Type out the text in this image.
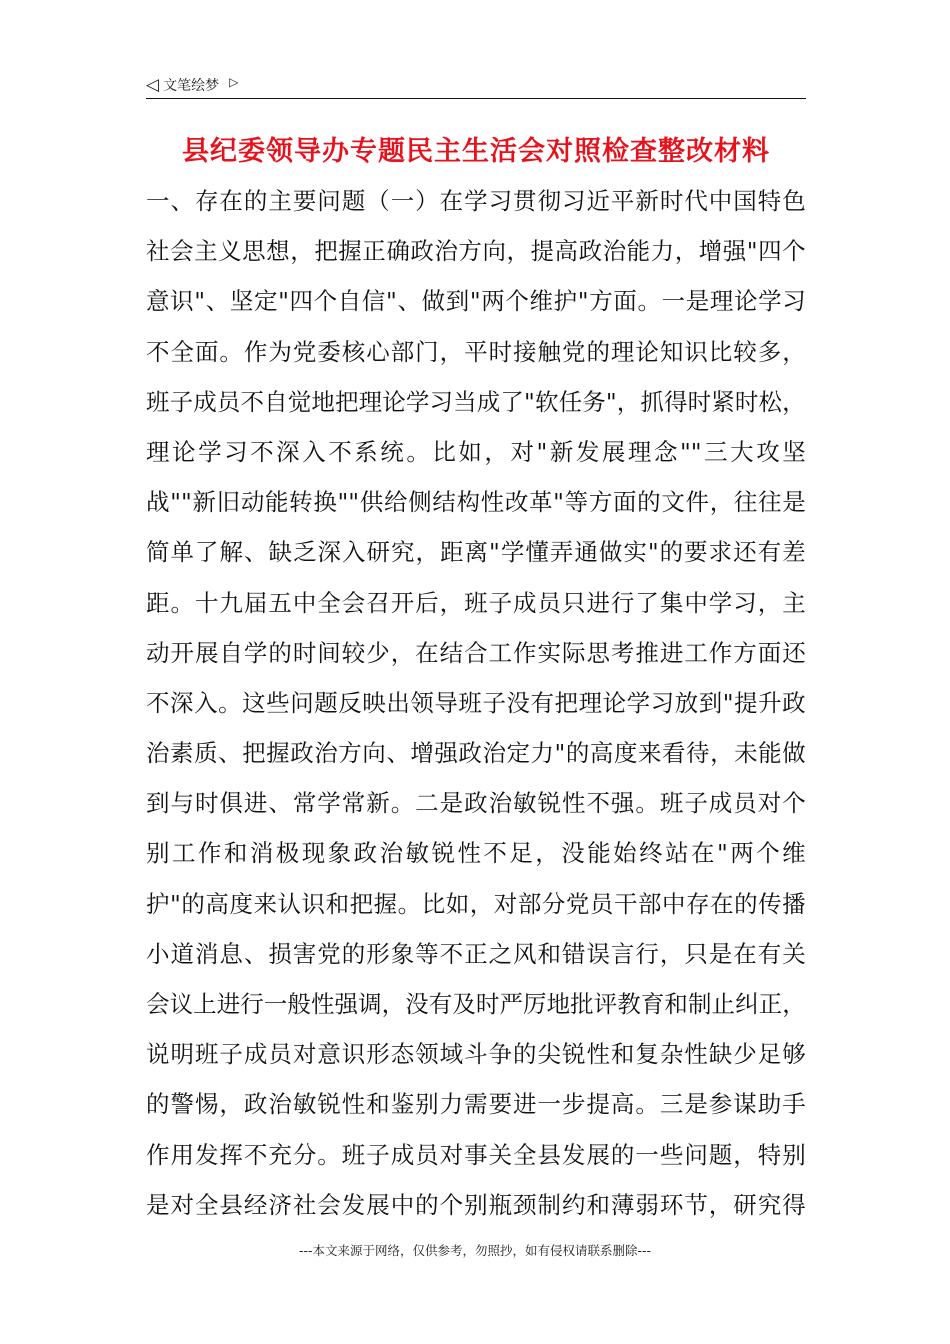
◁ 文笔绘梦 ▷
县纪委领导办专题民主生活会对照检查整改材料
一 、 存 在 的 主 要 问 题 （ 一 ） 在 学 习 贯 彻 习 近 平 新 时 代 中 国 特 色
社 会 主 义 思 想 ， 把 握 正 确 政 治 方 向 ， 提 高 政 治 能 力 ， 增 强 " 四 个
意 识 " 、 坚 定 " 四 个 自 信 " 、 做 到 " 两 个 维 护 " 方 面 。 一 是 理 论 学 习
不 全 面 。 作 为 党 委 核 心 部 门 ， 平 时 接 触 党 的 理 论 知 识 比 较 多 ，
班 子 成 员 不 自 觉 地 把 理 论 学 习 当 成 了 " 软 任 务 " ， 抓 得 时 紧 时 松 ，
理 论 学 习 不 深 入 不 系 统 。 比 如 ， 对 " 新 发 展 理 念 "" 三 大 攻 坚
战 "" 新 旧 动 能 转 换 "" 供 给 侧 结 构 性 改 革 " 等 方 面 的 文 件 ， 往 往 是
简 单 了 解 、 缺 乏 深 入 研 究 ， 距 离 " 学 懂 弄 通 做 实 " 的 要 求 还 有 差
距 。 十 九 届 五 中 全 会 召 开 后 ， 班 子 成 员 只 进 行 了 集 中 学 习 ， 主
动 开 展 自 学 的 时 间 较 少 ， 在 结 合 工 作 实 际 思 考 推 进 工 作 方 面 还
不 深 入 。 这 些 问 题 反 映 出 领 导 班 子 没 有 把 理 论 学 习 放 到 " 提 升 政
治 素 质 、 把 握 政 治 方 向 、 增 强 政 治 定 力 " 的 高 度 来 看 待 ， 未 能 做
到 与 时 俱 进 、 常 学 常 新 。 二 是 政 治 敏 锐 性 不 强 。 班 子 成 员 对 个
别 工 作 和 消 极 现 象 政 治 敏 锐 性 不 足 ， 没 能 始 终 站 在 " 两 个 维
护 " 的 高 度 来 认 识 和 把 握 。 比 如 ， 对 部 分 党 员 干 部 中 存 在 的 传 播
小 道 消 息 、 损 害 党 的 形 象 等 不 正 之 风 和 错 误 言 行 ， 只 是 在 有 关
会 议 上 进 行 一 般 性 强 调 ， 没 有 及 时 严 厉 地 批 评 教 育 和 制 止 纠 正 ，
说 明 班 子 成 员 对 意 识 形 态 领 域 斗 争 的 尖 锐 性 和 复 杂 性 缺 少 足 够
的 警 惕 ， 政 治 敏 锐 性 和 鉴 别 力 需 要 进 一 步 提 高 。 三 是 参 谋 助 手
作 用 发 挥 不 充 分 。 班 子 成 员 对 事 关 全 县 发 展 的 一 些 问 题 ， 特 别
是 对 全 县 经 济 社 会 发 展 中 的 个 别 瓶 颈 制 约 和 薄 弱 环 节 ， 研 究 得
---本文来源于网络，仅供参考，勿照抄，如有侵权请联系删除---
